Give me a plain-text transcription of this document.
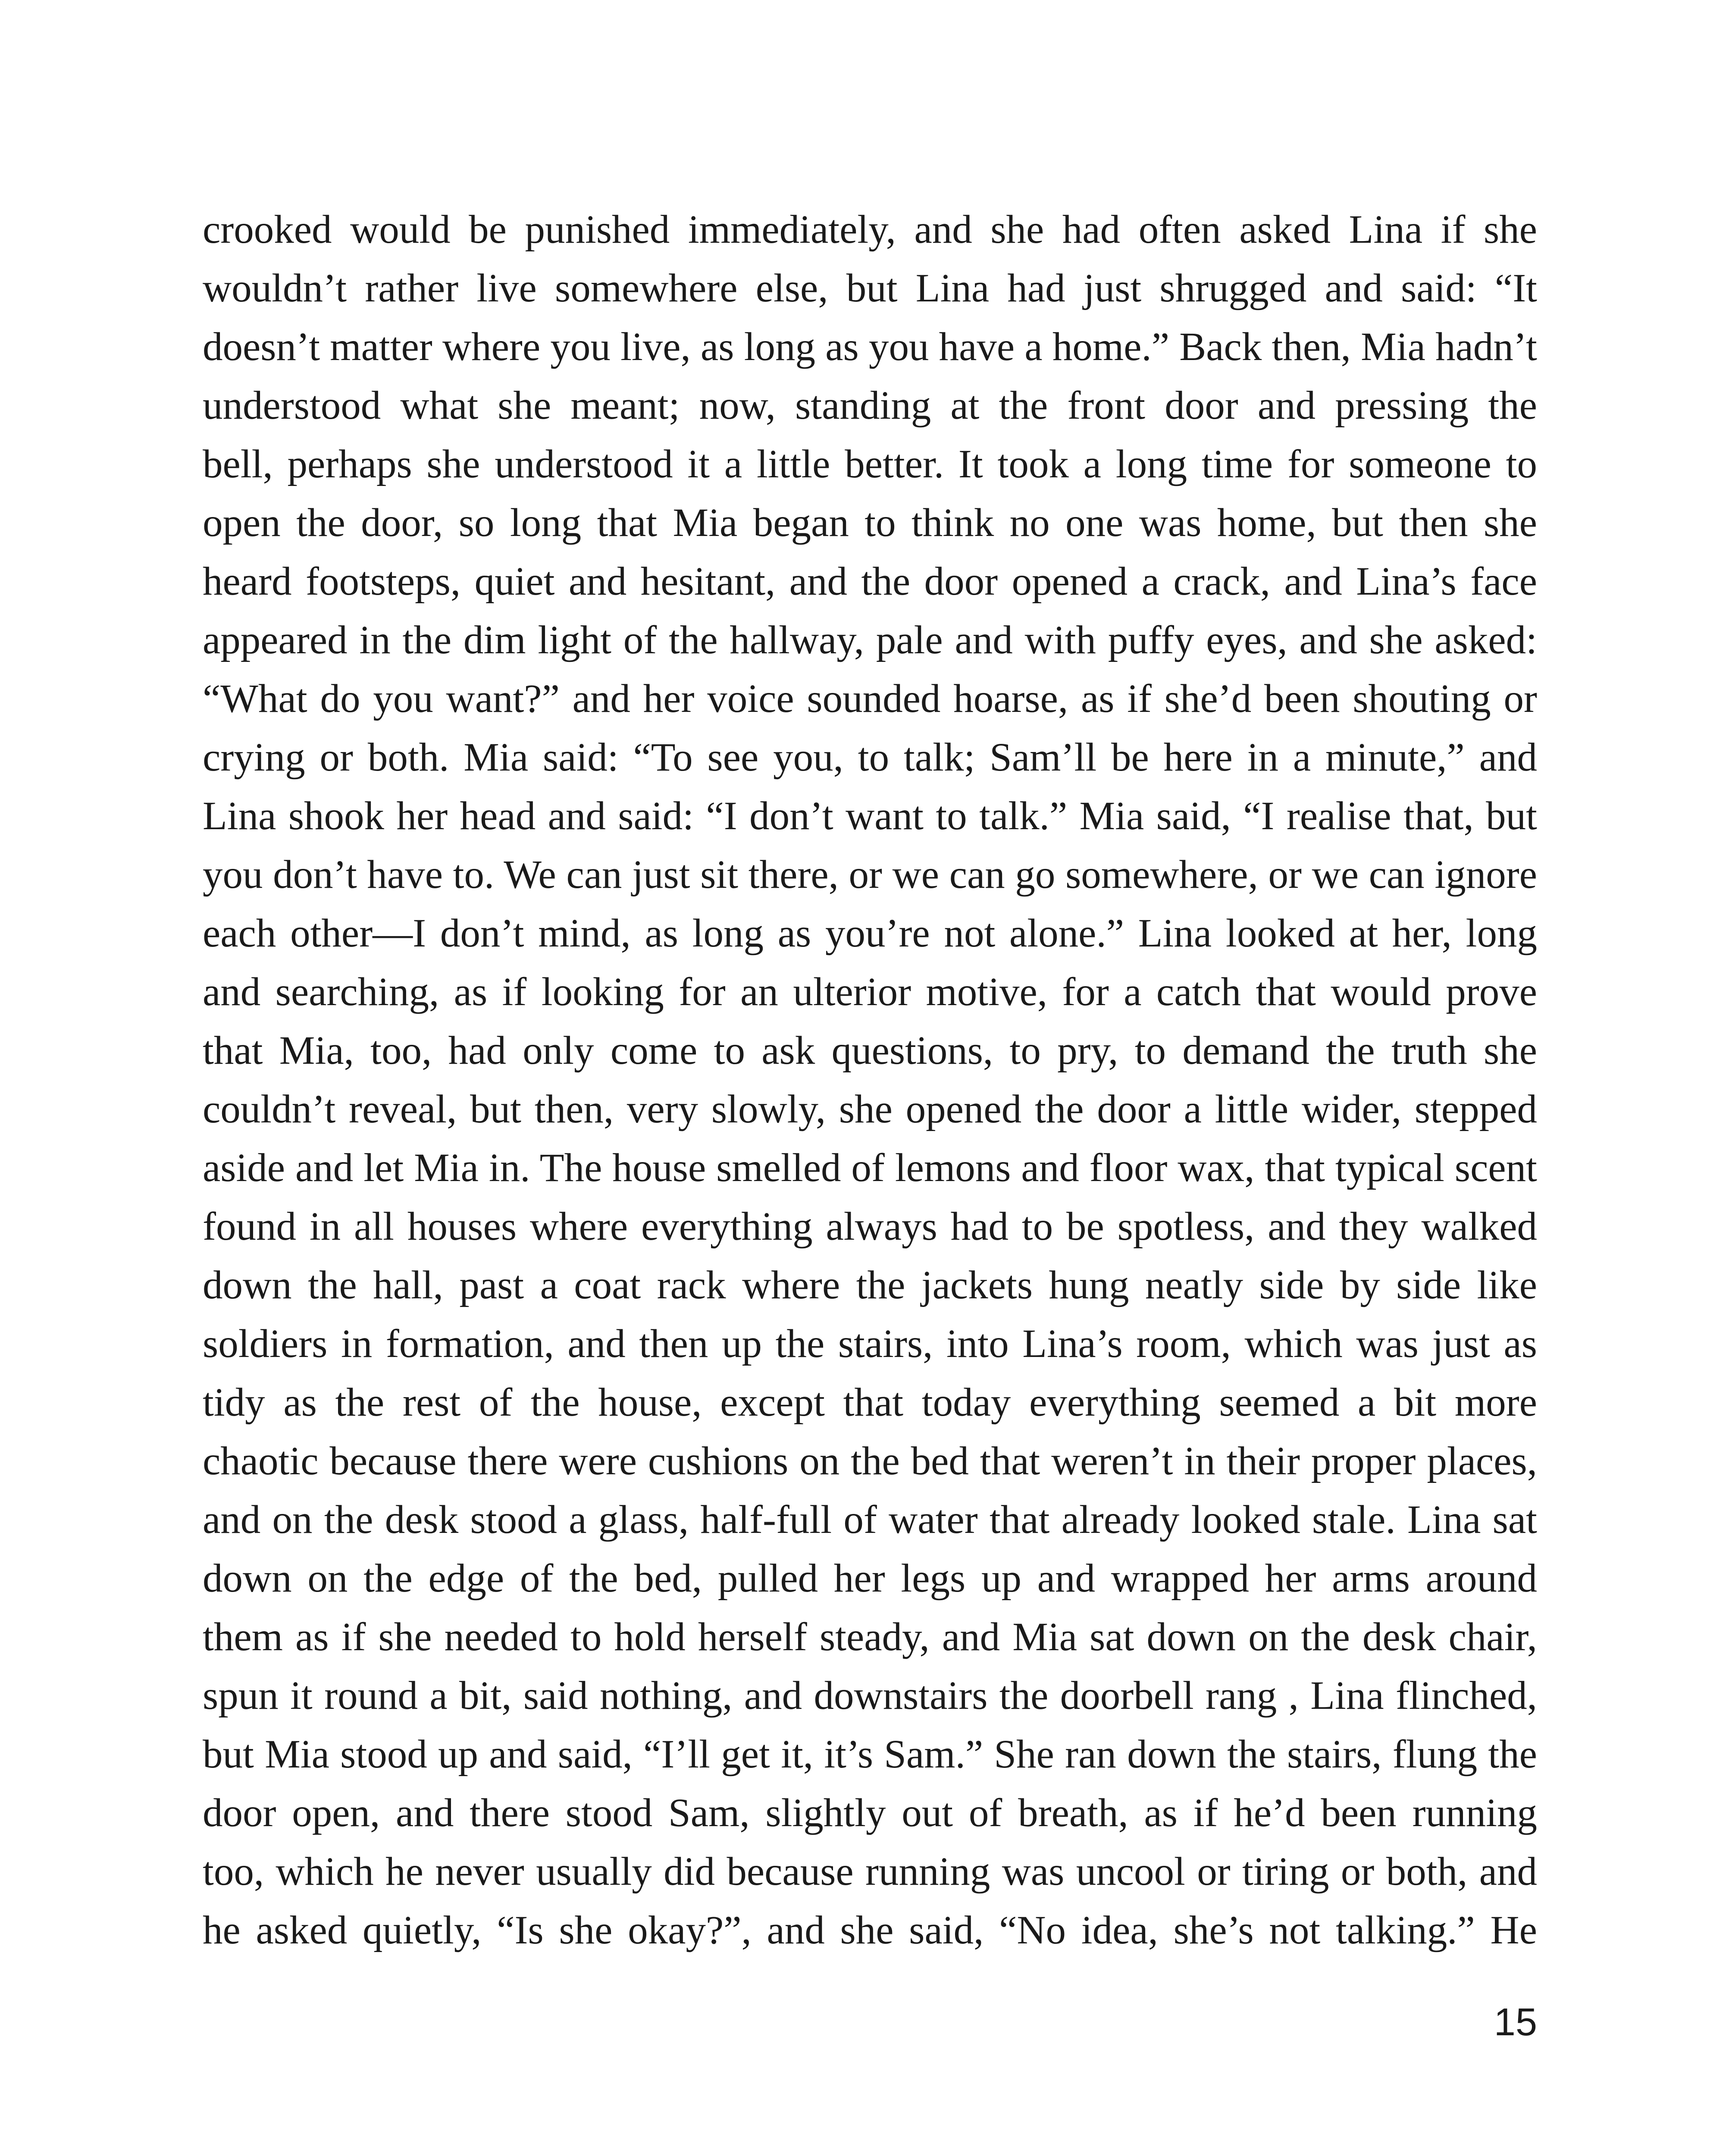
crooked would be punished immediately, and she had often asked Lina if she
wouldn’t rather live somewhere else, but Lina had just shrugged and said: “It
doesn’t matter where you live, as long as you have a home.” Back then, Mia hadn’t
understood what she meant; now, standing at the front door and pressing the
bell, perhaps she understood it a little better. It took a long time for someone to
open the door, so long that Mia began to think no one was home, but then she
heard footsteps, quiet and hesitant, and the door opened a crack, and Lina’s face
appeared in the dim light of the hallway, pale and with puffy eyes, and she asked:
“What do you want?” and her voice sounded hoarse, as if she’d been shouting or
crying or both. Mia said: “To see you, to talk; Sam’ll be here in a minute,” and
Lina shook her head and said: “I don’t want to talk.” Mia said, “I realise that, but
you don’t have to. We can just sit there, or we can go somewhere, or we can ignore
each other—I don’t mind, as long as you’re not alone.” Lina looked at her, long
and searching, as if looking for an ulterior motive, for a catch that would prove
that Mia, too, had only come to ask questions, to pry, to demand the truth she
couldn’t reveal, but then, very slowly, she opened the door a little wider, stepped
aside and let Mia in. The house smelled of lemons and floor wax, that typical scent
found in all houses where everything always had to be spotless, and they walked
down the hall, past a coat rack where the jackets hung neatly side by side like
soldiers in formation, and then up the stairs, into Lina’s room, which was just as
tidy as the rest of the house, except that today everything seemed a bit more
chaotic because there were cushions on the bed that weren’t in their proper places,
and on the desk stood a glass, half-full of water that already looked stale. Lina sat
down on the edge of the bed, pulled her legs up and wrapped her arms around
them as if she needed to hold herself steady, and Mia sat down on the desk chair,
spun it round a bit, said nothing, and downstairs the doorbell rang , Lina flinched,
but Mia stood up and said, “I’ll get it, it’s Sam.” She ran down the stairs, flung the
door open, and there stood Sam, slightly out of breath, as if he’d been running
too, which he never usually did because running was uncool or tiring or both, and
he asked quietly, “Is she okay?”, and she said, “No idea, she’s not talking.” He
15
